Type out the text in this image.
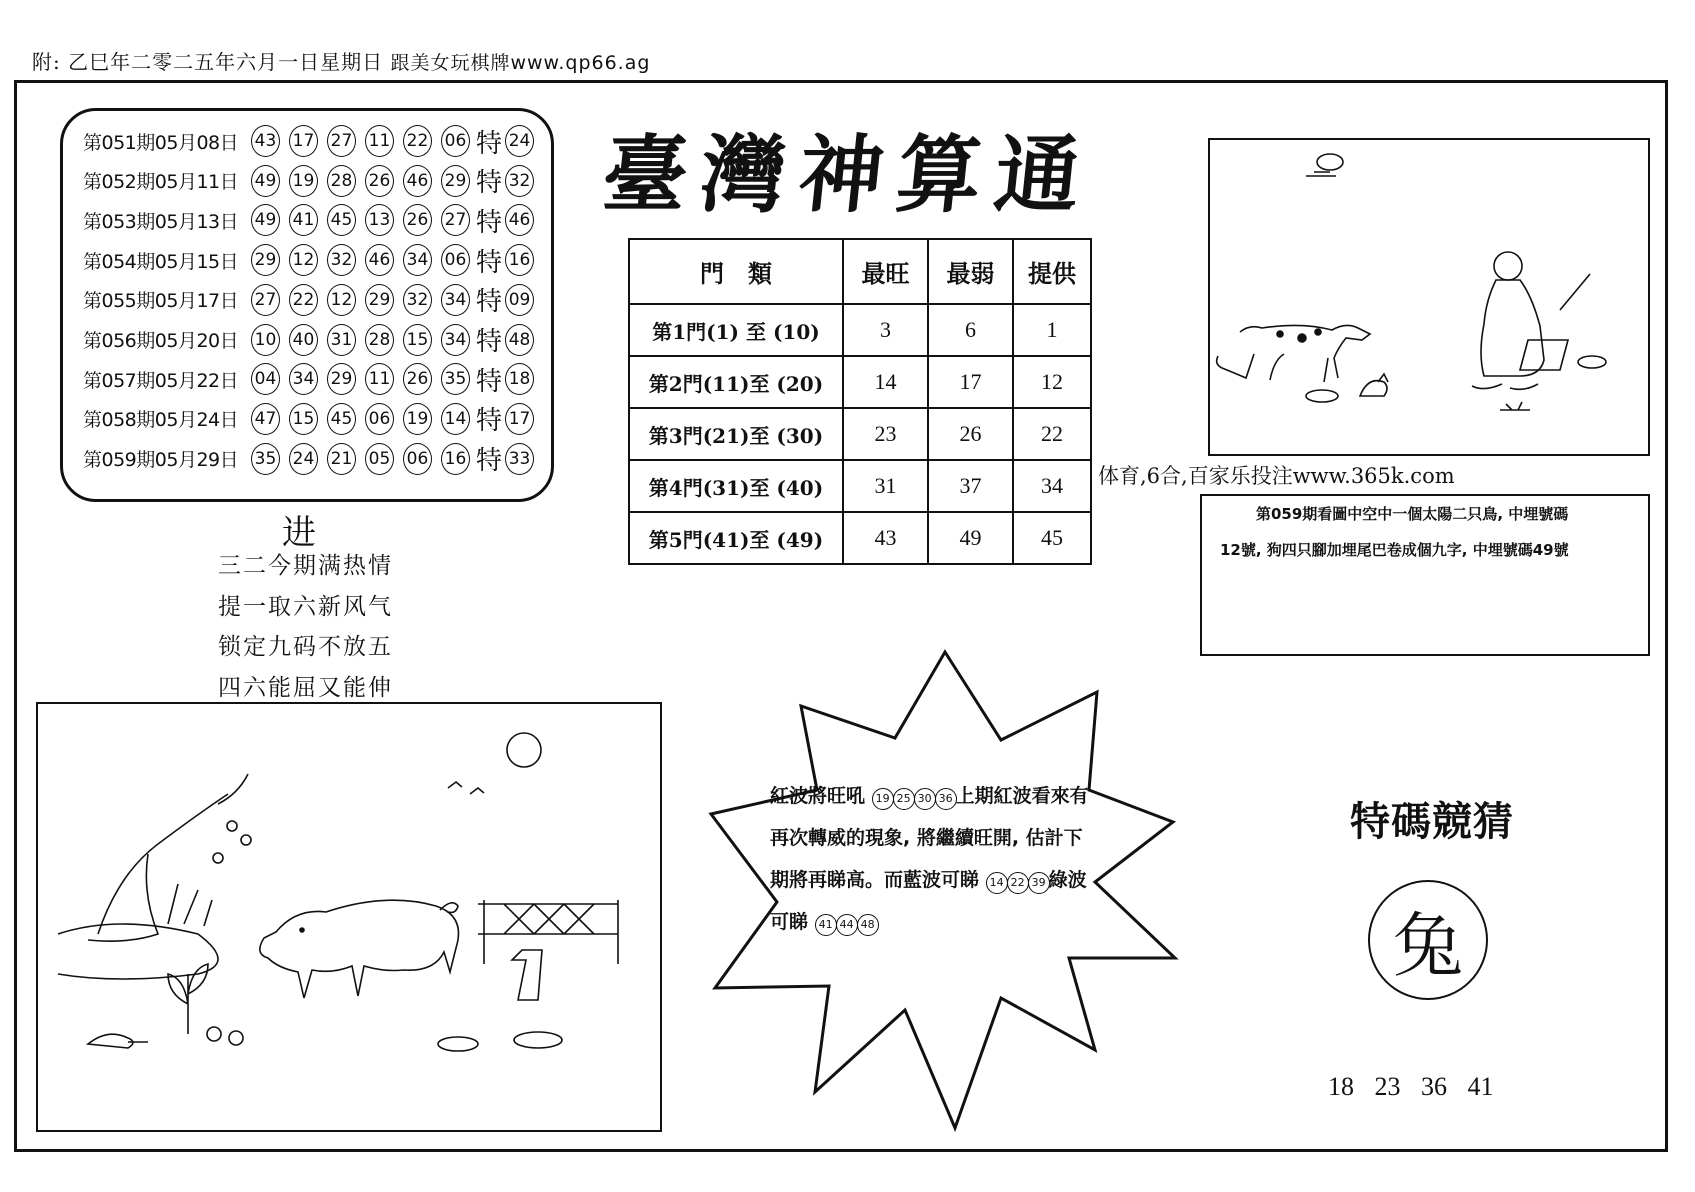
附: 乙巳年二零二五年六月一日星期日 跟美女玩棋牌www.qp66.ag
第051期05月08日 43 17 27 11 22 06 特 24
第052期05月11日 49 19 28 26 46 29 特 32
第053期05月13日 49 41 45 13 26 27 特 46
第054期05月15日 29 12 32 46 34 06 特 16
第055期05月17日 27 22 12 29 32 34 特 09
第056期05月20日 10 40 31 28 15 34 特 48
第057期05月22日 04 34 29 11 26 35 特 18
第058期05月24日 47 15 45 06 19 14 特 17
第059期05月29日 35 24 21 05 06 16 特 33
臺灣神算通
門　類	最旺	最弱	提供
第1門(1) 至 (10)	3	6	1
第2門(11)至 (20)	14	17	12
第3門(21)至 (30)	23	26	22
第4門(31)至 (40)	31	37	34
第5門(41)至 (49)	43	49	45
进
三二今期满热情
提一取六新风气
锁定九码不放五
四六能屈又能伸
体育,6合,百家乐投注www.365k.com
第059期看圖中空中一個太陽二只鳥, 中埋號碼
12號, 狗四只腳加埋尾巴卷成個九字, 中埋號碼49號
紅波將旺吼 19 25 30 36 上期紅波看來有再次轉威的現象, 將繼續旺開, 估計下期將再睇高。而藍波可睇 14 22 39 綠波可睇 41 44 48
特碼競猜
兔
18 23 36 41
